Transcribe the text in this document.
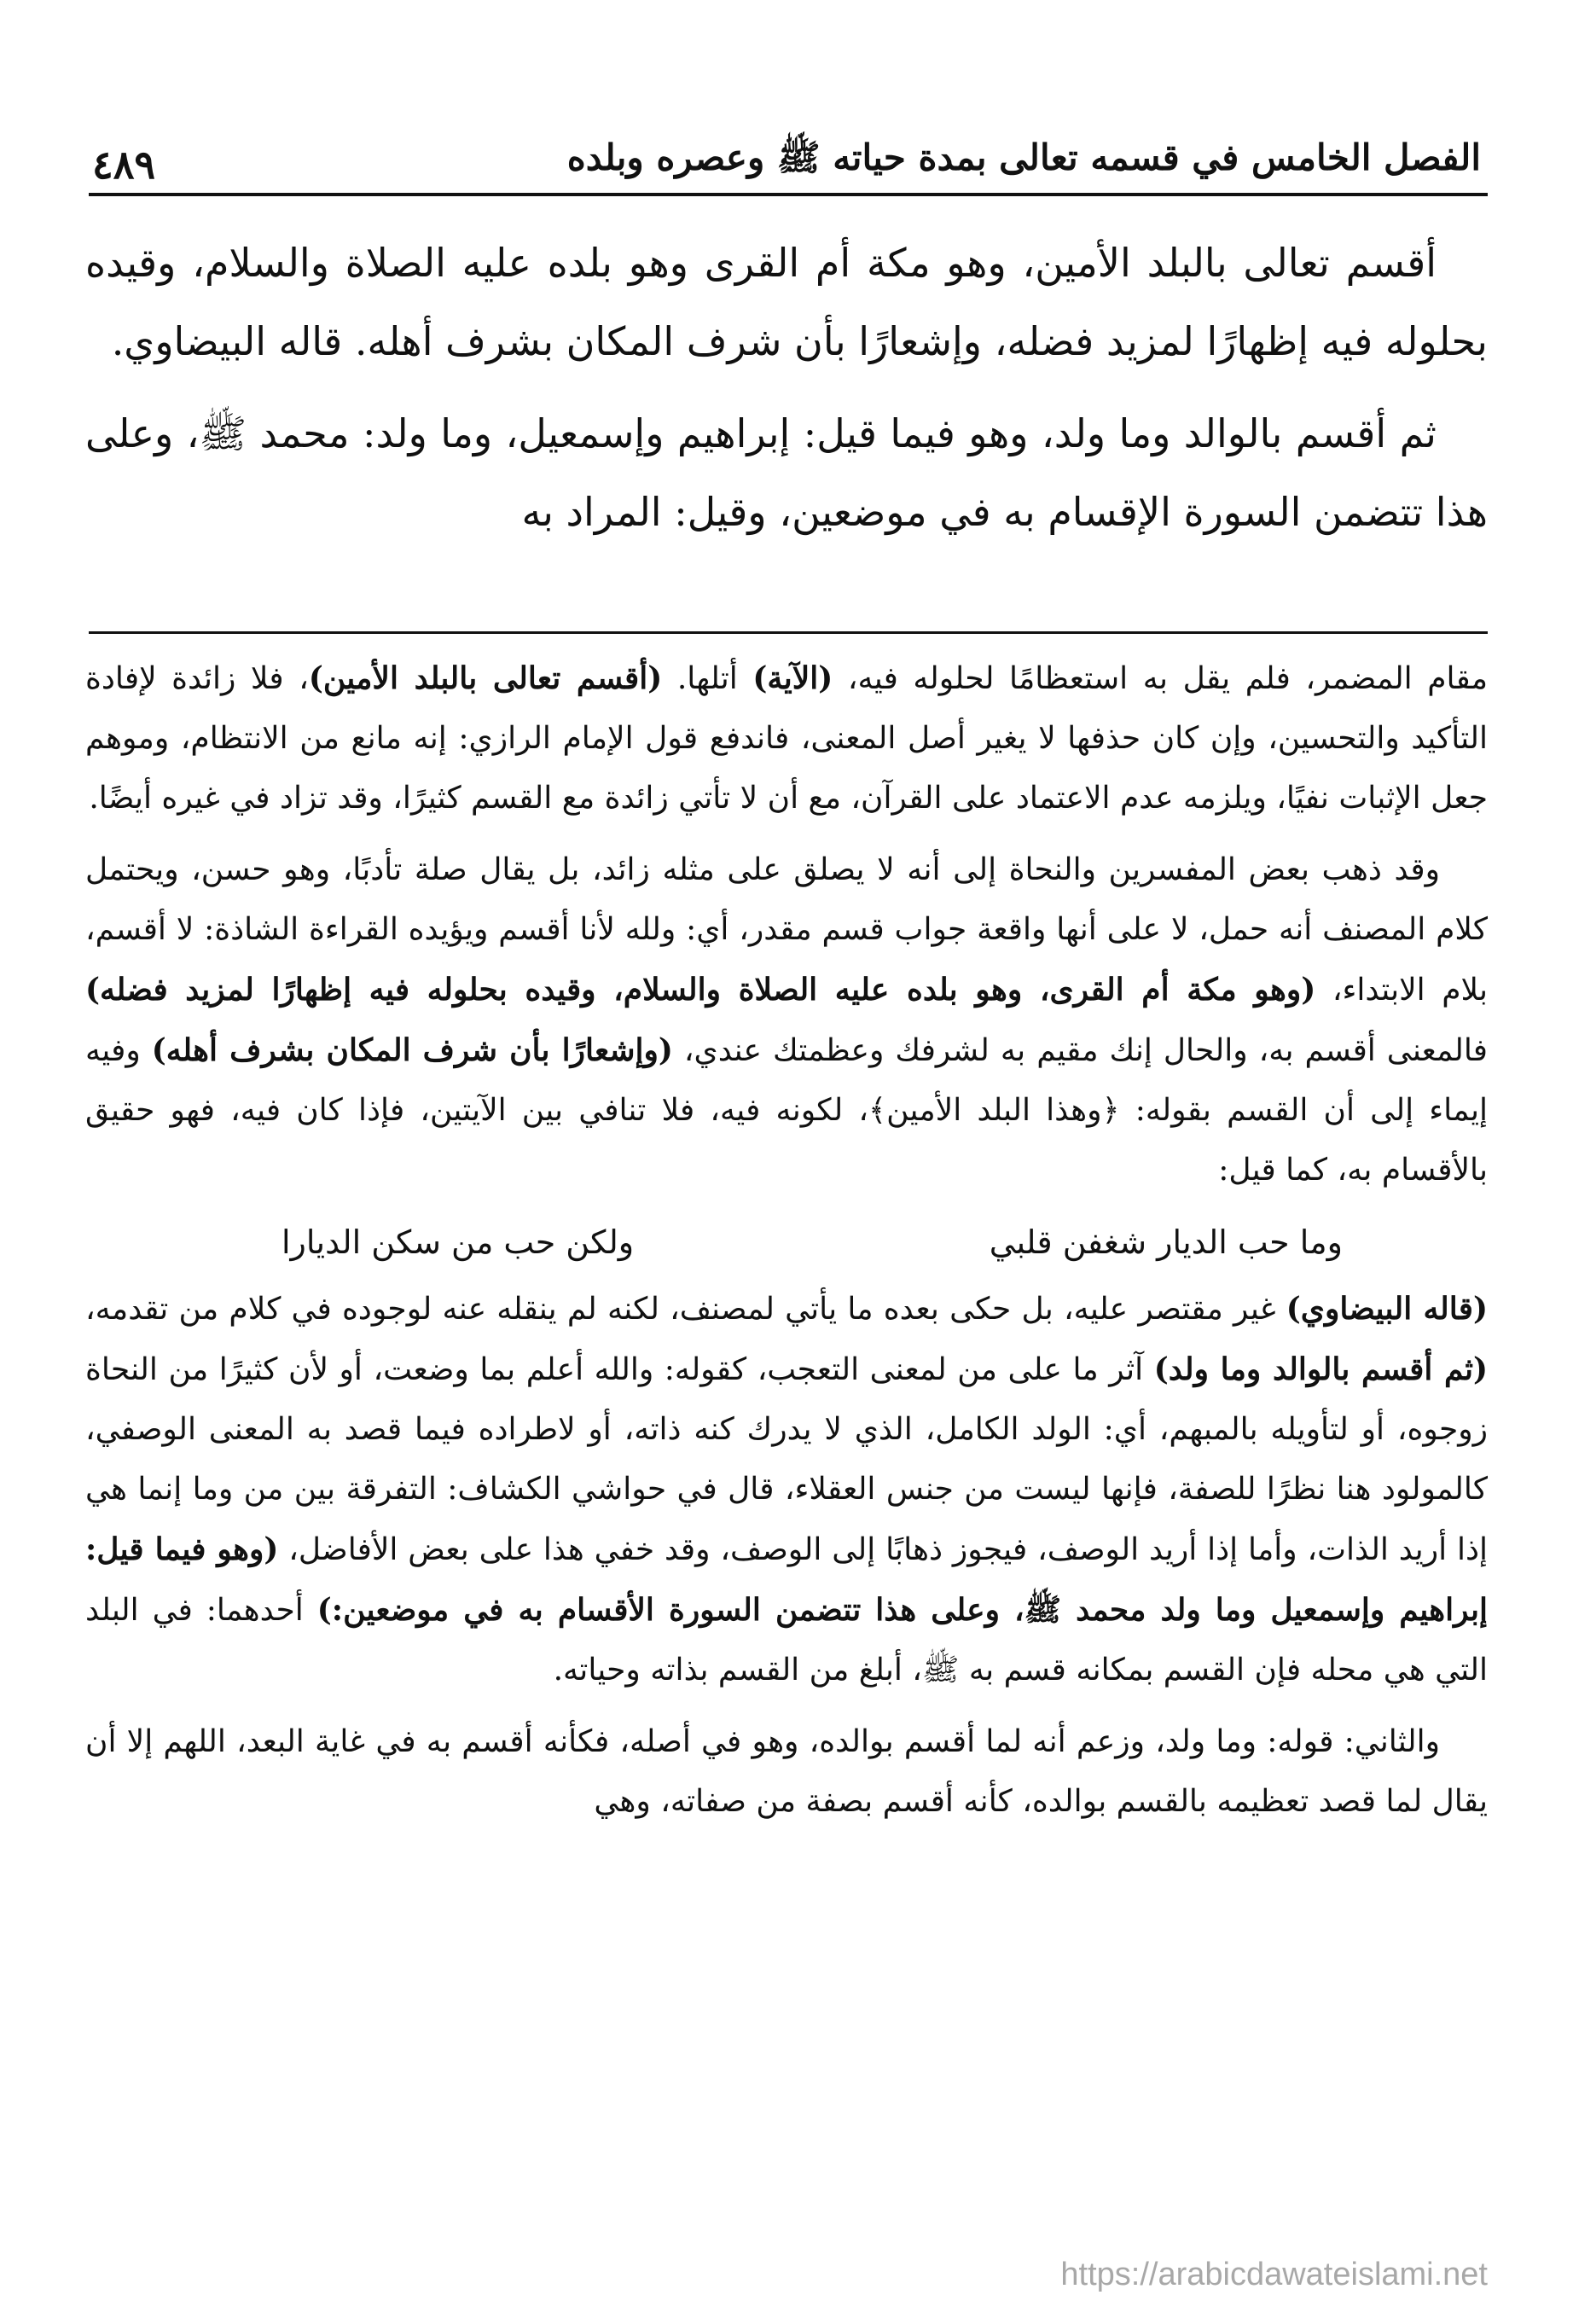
الفصل الخامس في قسمه تعالى بمدة حياته ﷺ وعصره وبلده
٤٨٩

أقسم تعالى بالبلد الأمين، وهو مكة أم القرى وهو بلده عليه الصلاة والسلام، وقيده بحلوله فيه إظهارًا لمزيد فضله، وإشعارًا بأن شرف المكان بشرف أهله. قاله البيضاوي.

ثم أقسم بالوالد وما ولد، وهو فيما قيل: إبراهيم وإسمعيل، وما ولد: محمد ﷺ، وعلى هذا تتضمن السورة الإقسام به في موضعين، وقيل: المراد به

مقام المضمر، فلم يقل به استعظامًا لحلوله فيه، (الآية) أتلها. (أقسم تعالى بالبلد الأمين)، فلا زائدة لإفادة التأكيد والتحسين، وإن كان حذفها لا يغير أصل المعنى، فاندفع قول الإمام الرازي: إنه مانع من الانتظام، وموهم جعل الإثبات نفيًا، ويلزمه عدم الاعتماد على القرآن، مع أن لا تأتي زائدة مع القسم كثيرًا، وقد تزاد في غيره أيضًا.

وقد ذهب بعض المفسرين والنحاة إلى أنه لا يصلق على مثله زائد، بل يقال صلة تأدبًا، وهو حسن، ويحتمل كلام المصنف أنه حمل، لا على أنها واقعة جواب قسم مقدر، أي: ولله لأنا أقسم ويؤيده القراءة الشاذة: لا أقسم، بلام الابتداء، (وهو مكة أم القرى، وهو بلده عليه الصلاة والسلام، وقيده بحلوله فيه إظهارًا لمزيد فضله) فالمعنى أقسم به، والحال إنك مقيم به لشرفك وعظمتك عندي، (وإشعارًا بأن شرف المكان بشرف أهله) وفيه إيماء إلى أن القسم بقوله: ﴿وهذا البلد الأمين﴾، لكونه فيه، فلا تنافي بين الآيتين، فإذا كان فيه، فهو حقيق بالأقسام به، كما قيل:

وما حب الديار شغفن قلبي
ولكن حب من سكن الديارا

(قاله البيضاوي) غير مقتصر عليه، بل حكى بعده ما يأتي لمصنف، لكنه لم ينقله عنه لوجوده في كلام من تقدمه، (ثم أقسم بالوالد وما ولد) آثر ما على من لمعنى التعجب، كقوله: والله أعلم بما وضعت، أو لأن كثيرًا من النحاة زوجوه، أو لتأويله بالمبهم، أي: الولد الكامل، الذي لا يدرك كنه ذاته، أو لاطراده فيما قصد به المعنى الوصفي، كالمولود هنا نظرًا للصفة، فإنها ليست من جنس العقلاء، قال في حواشي الكشاف: التفرقة بين من وما إنما هي إذا أريد الذات، وأما إذا أريد الوصف، فيجوز ذهابًا إلى الوصف، وقد خفي هذا على بعض الأفاضل، (وهو فيما قيل: إبراهيم وإسمعيل وما ولد محمد ﷺ، وعلى هذا تتضمن السورة الأقسام به في موضعين:) أحدهما: في البلد التي هي محله فإن القسم بمكانه قسم به ﷺ، أبلغ من القسم بذاته وحياته.

والثاني: قوله: وما ولد، وزعم أنه لما أقسم بوالده، وهو في أصله، فكأنه أقسم به في غاية البعد، اللهم إلا أن يقال لما قصد تعظيمه بالقسم بوالده، كأنه أقسم بصفة من صفاته، وهي

https://arabicdawateislami.net
